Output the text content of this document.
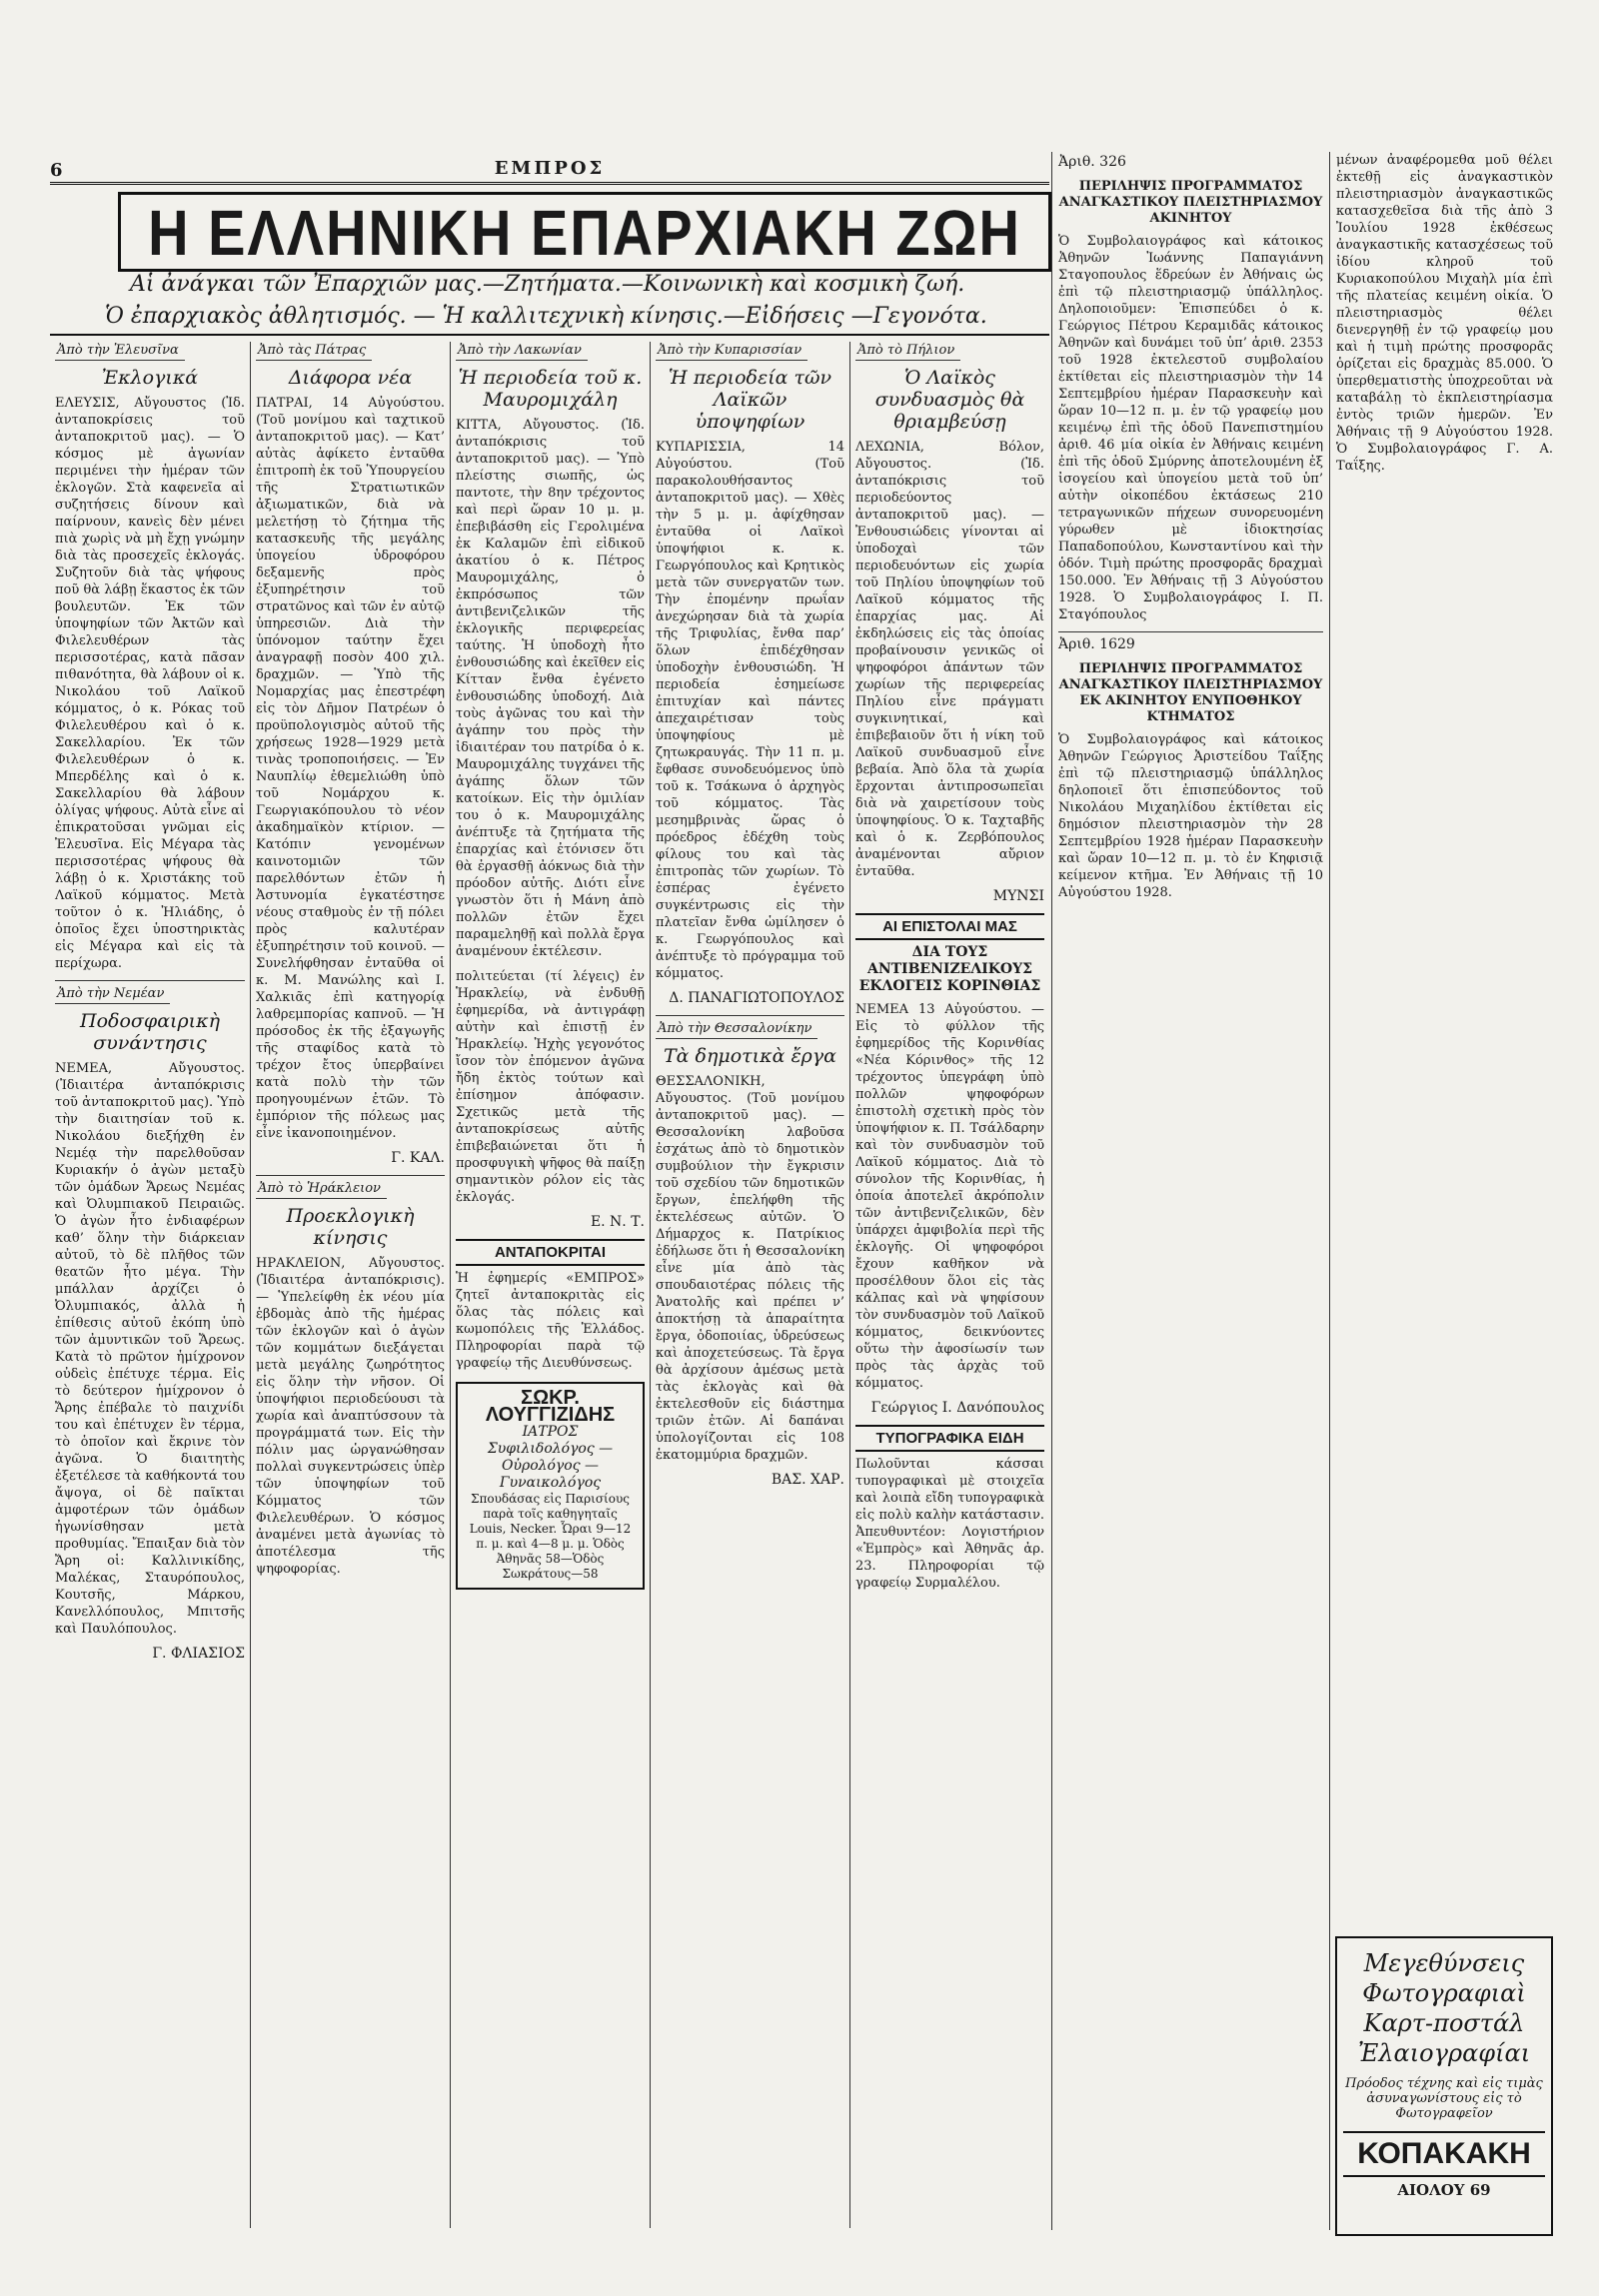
6	ΕΜΠΡΟΣ
Η ΕΛΛΗΝΙΚΗ ΕΠΑΡΧΙΑΚΗ ΖΩΗ
Αἱ ἀνάγκαι τῶν Ἐπαρχιῶν μας.—Ζητήματα.—Κοινωνικὴ καὶ κοσμικὴ ζωή.
Ὁ ἐπαρχιακὸς ἀθλητισμός. — Ἡ καλλιτεχνικὴ κίνησις.—Εἰδήσεις —Γεγονότα.
Ἀπὸ τὴν Ἐλευσῖνα
Ἐκλογικά

ΕΛΕΥΣΙΣ, Αὔγουστος (Ἰδ. ἀνταποκρίσεις τοῦ ἀνταποκριτοῦ μας). — Ὁ κόσμος μὲ ἀγωνίαν περιμένει τὴν ἡμέραν τῶν ἐκλογῶν. Στὰ καφενεῖα αἱ συζητήσεις δίνουν καὶ παίρνουν, κανεὶς δὲν μένει πιὰ χωρὶς νὰ μὴ ἔχῃ γνώμην διὰ τὰς προσεχεῖς ἐκλογάς. Συζητοῦν διὰ τὰς ψήφους ποῦ θὰ λάβῃ ἕκαστος ἐκ τῶν βουλευτῶν. Ἐκ τῶν ὑποψηφίων τῶν Ἀκτῶν καὶ Φιλελευθέρων τὰς περισσοτέρας, κατὰ πᾶσαν πιθανότητα, θὰ λάβουν οἱ κ. Νικολάου τοῦ Λαϊκοῦ κόμματος, ὁ κ. Ρόκας τοῦ Φιλελευθέρου καὶ ὁ κ. Σακελλαρίου. Ἐκ τῶν Φιλελευθέρων ὁ κ. Μπερδέλης καὶ ὁ κ. Σακελλαρίου θὰ λάβουν ὀλίγας ψήφους. Αὐτὰ εἶνε αἱ ἐπικρατοῦσαι γνῶμαι εἰς Ἐλευσῖνα. Εἰς Μέγαρα τὰς περισσοτέρας ψήφους θὰ λάβῃ ὁ κ. Χριστάκης τοῦ Λαϊκοῦ κόμματος. Μετὰ τοῦτον ὁ κ. Ἠλιάδης, ὁ ὁποῖος ἔχει ὑποστηρικτὰς εἰς Μέγαρα καὶ εἰς τὰ περίχωρα.

Ἀπὸ τὴν Νεμέαν
Ποδοσφαιρικὴ συνάντησις

ΝΕΜΕΑ, Αὔγουστος. (Ἰδιαιτέρα ἀνταπόκρισις τοῦ ἀνταποκριτοῦ μας). Ὑπὸ τὴν διαιτησίαν τοῦ κ. Νικολάου διεξήχθη ἐν Νεμέᾳ τὴν παρελθοῦσαν Κυριακήν ὁ ἀγὼν μεταξὺ τῶν ὁμάδων Ἄρεως Νεμέας καὶ Ὀλυμπιακοῦ Πειραιῶς. Ὁ ἀγὼν ἦτο ἐνδιαφέρων καθ’ ὅλην τὴν διάρκειαν αὐτοῦ, τὸ δὲ πλῆθος τῶν θεατῶν ἦτο μέγα. Τὴν μπάλλαν ἀρχίζει ὁ Ὀλυμπιακός, ἀλλὰ ἡ ἐπίθεσις αὐτοῦ ἐκόπη ὑπὸ τῶν ἀμυντικῶν τοῦ Ἄρεως. Κατὰ τὸ πρῶτον ἡμίχρονον οὐδεὶς ἐπέτυχε τέρμα. Εἰς τὸ δεύτερον ἡμίχρονον ὁ Ἄρης ἐπέβαλε τὸ παιχνίδι του καὶ ἐπέτυχεν ἓν τέρμα, τὸ ὁποῖον καὶ ἔκρινε τὸν ἀγῶνα. Ὁ διαιτητὴς ἐξετέλεσε τὰ καθήκοντά του ἄψογα, οἱ δὲ παῖκται ἀμφοτέρων τῶν ὁμάδων ἠγωνίσθησαν μετὰ προθυμίας. Ἔπαιξαν διὰ τὸν Ἄρη οἱ: Καλλινικίδης, Μαλέκας, Σταυρόπουλος, Κουτσῆς, Μάρκου, Κανελλόπουλος, Μπιτσῆς καὶ Παυλόπουλος.

Γ. ΦΛΙΑΣΙΟΣ
Ἀπὸ τὰς Πάτρας
Διάφορα νέα

ΠΑΤΡΑΙ, 14 Αὐγούστου. (Τοῦ μονίμου καὶ ταχτικοῦ ἀνταποκριτοῦ μας). — Κατ’ αὐτὰς ἀφίκετο ἐνταῦθα ἐπιτροπὴ ἐκ τοῦ Ὑπουργείου τῆς Στρατιωτικῶν ἀξιωματικῶν, διὰ νὰ μελετήσῃ τὸ ζήτημα τῆς κατασκευῆς τῆς μεγάλης ὑπογείου ὑδροφόρου δεξαμενῆς πρὸς ἐξυπηρέτησιν τοῦ στρατῶνος καὶ τῶν ἐν αὐτῷ ὑπηρεσιῶν. Διὰ τὴν ὑπόνομον ταύτην ἔχει ἀναγραφῇ ποσὸν 400 χιλ. δραχμῶν. — Ὑπὸ τῆς Νομαρχίας μας ἐπεστρέφη εἰς τὸν Δῆμον Πατρέων ὁ προϋπολογισμὸς αὐτοῦ τῆς χρήσεως 1928—1929 μετὰ τινὰς τροποποιήσεις. — Ἐν Ναυπλίῳ ἐθεμελιώθη ὑπὸ τοῦ Νομάρχου κ. Γεωργιακόπουλου τὸ νέον ἀκαδημαϊκὸν κτίριον. — Κατόπιν γενομένων καινοτομιῶν τῶν παρελθόντων ἐτῶν ἡ Ἀστυνομία ἐγκατέστησε νέους σταθμοὺς ἐν τῇ πόλει πρὸς καλυτέραν ἐξυπηρέτησιν τοῦ κοινοῦ. — Συνελήφθησαν ἐνταῦθα οἱ κ. Μ. Μανώλης καὶ Ι. Χαλκιᾶς ἐπὶ κατηγορίᾳ λαθρεμπορίας καπνοῦ. — Ἡ πρόσοδος ἐκ τῆς ἐξαγωγῆς τῆς σταφίδος κατὰ τὸ τρέχον ἔτος ὑπερβαίνει κατὰ πολὺ τὴν τῶν προηγουμένων ἐτῶν. Τὸ ἐμπόριον τῆς πόλεως μας εἶνε ἰκανοποιημένον.

Γ. ΚΑΛ.
Ἀπὸ τὸ Ἡράκλειον
Προεκλογικὴ κίνησις

ΗΡΑΚΛΕΙΟΝ, Αὔγουστος. (Ἰδιαιτέρα ἀνταπόκρισις). — Ὑπελείφθη ἐκ νέου μία ἑβδομὰς ἀπὸ τῆς ἡμέρας τῶν ἐκλογῶν καὶ ὁ ἀγὼν τῶν κομμάτων διεξάγεται μετὰ μεγάλης ζωηρότητος εἰς ὅλην τὴν νῆσον. Οἱ ὑποψήφιοι περιοδεύουσι τὰ χωρία καὶ ἀναπτύσσουν τὰ προγράμματά των. Εἰς τὴν πόλιν μας ὡργανώθησαν πολλαὶ συγκεντρώσεις ὑπὲρ τῶν ὑποψηφίων τοῦ Κόμματος τῶν Φιλελευθέρων. Ὁ κόσμος ἀναμένει μετὰ ἀγωνίας τὸ ἀποτέλεσμα τῆς ψηφοφορίας.

Ἀπὸ τὴν Λακωνίαν
Ἡ περιοδεία τοῦ κ. Μαυρομιχάλη

ΚΙΤΤΑ, Αὔγουστος. (Ἰδ. ἀνταπόκρισις τοῦ ἀνταποκριτοῦ μας). — Ὑπὸ πλείστης σιωπῆς, ὡς παντοτε, τὴν 8ην τρέχοντος καὶ περὶ ὥραν 10 μ. μ. ἐπεβιβάσθη εἰς Γερολιμένα ἐκ Καλαμῶν ἐπὶ εἰδικοῦ ἀκατίου ὁ κ. Πέτρος Μαυρομιχάλης, ὁ ἐκπρόσωπος τῶν ἀντιβενιζελικῶν τῆς ἐκλογικῆς περιφερείας ταύτης. Ἡ ὑποδοχὴ ἦτο ἐνθουσιώδης καὶ ἐκεῖθεν εἰς Κίτταν ἔνθα ἐγένετο ἐνθουσιώδης ὑποδοχή. Διὰ τοὺς ἀγῶνας του καὶ τὴν ἀγάπην του πρὸς τὴν ἰδιαιτέραν του πατρίδα ὁ κ. Μαυρομιχάλης τυγχάνει τῆς ἀγάπης ὅλων τῶν κατοίκων. Εἰς τὴν ὁμιλίαν του ὁ κ. Μαυρομιχάλης ἀνέπτυξε τὰ ζητήματα τῆς ἐπαρχίας καὶ ἐτόνισεν ὅτι θὰ ἐργασθῇ ἀόκνως διὰ τὴν πρόοδον αὐτῆς. Διότι εἶνε γνωστὸν ὅτι ἡ Μάνη ἀπὸ πολλῶν ἐτῶν ἔχει παραμεληθῇ καὶ πολλὰ ἔργα ἀναμένουν ἐκτέλεσιν.

πολιτεύεται (τί λέγεις) ἐν Ἡρακλείῳ, νὰ ἐνδυθῇ ἐφημερίδα, νὰ ἀντιγράφῃ αὐτὴν καὶ ἐπιστῇ ἐν Ἡρακλείῳ. Ἠχὴς γεγονότος ἴσον τὸν ἐπόμενον ἀγῶνα ἤδη ἐκτὸς τούτων καὶ ἐπίσημον ἀπόφασιν. Σχετικῶς μετὰ τῆς ἀνταποκρίσεως αὐτῆς ἐπιβεβαιώνεται ὅτι ἡ προσφυγικὴ ψῆφος θὰ παίξῃ σημαντικὸν ρόλον εἰς τὰς ἐκλογάς.

Ε. Ν. Τ.
ΑΝΤΑΠΟΚΡΙΤΑΙ

Ἡ ἐφημερίς «ΕΜΠΡΟΣ» ζητεῖ ἀνταποκριτὰς εἰς ὅλας τὰς πόλεις καὶ κωμοπόλεις τῆς Ἑλλάδος. Πληροφορίαι παρὰ τῷ γραφείῳ τῆς Διευθύνσεως.

ΣΩΚΡ. ΛΟΥΓΓΙΖΙΔΗΣ
ΙΑΤΡΟΣ
Συφιλιδολόγος — Οὐρολόγος — Γυναικολόγος
Σπουδάσας εἰς Παρισίους παρὰ τοῖς καθηγηταῖς Louis, Necker. Ὧραι 9—12 π. μ. καὶ 4—8 μ. μ. Ὁδὸς Ἀθηνᾶς 58—Ὁδὸς Σωκράτους—58
Ἀπὸ τὴν Κυπαρισσίαν
Ἡ περιοδεία τῶν Λαϊκῶν ὑποψηφίων

ΚΥΠΑΡΙΣΣΙΑ, 14 Αὐγούστου. (Τοῦ παρακολουθήσαντος ἀνταποκριτοῦ μας). — Χθὲς τὴν 5 μ. μ. ἀφίχθησαν ἐνταῦθα οἱ Λαϊκοὶ ὑποψήφιοι κ. κ. Γεωργόπουλος καὶ Κρητικὸς μετὰ τῶν συνεργατῶν των. Τὴν ἐπομένην πρωΐαν ἀνεχώρησαν διὰ τὰ χωρία τῆς Τριφυλίας, ἔνθα παρ’ ὅλων ἐπιδέχθησαν ὑποδοχὴν ἐνθουσιώδη. Ἡ περιοδεία ἐσημείωσε ἐπιτυχίαν καὶ πάντες ἀπεχαιρέτισαν τοὺς ὑποψηφίους μὲ ζητωκραυγάς. Τὴν 11 π. μ. ἔφθασε συνοδευόμενος ὑπὸ τοῦ κ. Τσάκωνα ὁ ἀρχηγὸς τοῦ κόμματος. Τὰς μεσημβρινὰς ὥρας ὁ πρόεδρος ἐδέχθη τοὺς φίλους του καὶ τὰς ἐπιτροπὰς τῶν χωρίων. Τὸ ἑσπέρας ἐγένετο συγκέντρωσις εἰς τὴν πλατεῖαν ἔνθα ὡμίλησεν ὁ κ. Γεωργόπουλος καὶ ἀνέπτυξε τὸ πρόγραμμα τοῦ κόμματος.

Δ. ΠΑΝΑΓΙΩΤΟΠΟΥΛΟΣ
Ἀπὸ τὴν Θεσσαλονίκην
Τὰ δημοτικὰ ἔργα

ΘΕΣΣΑΛΟΝΙΚΗ, Αὔγουστος. (Τοῦ μονίμου ἀνταποκριτοῦ μας). — Θεσσαλονίκη λαβοῦσα ἐσχάτως ἀπὸ τὸ δημοτικὸν συμβούλιον τὴν ἔγκρισιν τοῦ σχεδίου τῶν δημοτικῶν ἔργων, ἐπελήφθη τῆς ἐκτελέσεως αὐτῶν. Ὁ Δήμαρχος κ. Πατρίκιος ἐδήλωσε ὅτι ἡ Θεσσαλονίκη εἶνε μία ἀπὸ τὰς σπουδαιοτέρας πόλεις τῆς Ἀνατολῆς καὶ πρέπει ν’ ἀποκτήσῃ τὰ ἀπαραίτητα ἔργα, ὁδοποιίας, ὑδρεύσεως καὶ ἀποχετεύσεως. Τὰ ἔργα θὰ ἀρχίσουν ἀμέσως μετὰ τὰς ἐκλογὰς καὶ θὰ ἐκτελεσθοῦν εἰς διάστημα τριῶν ἐτῶν. Αἱ δαπάναι ὑπολογίζονται εἰς 108 ἑκατομμύρια δραχμῶν.

ΒΑΣ. ΧΑΡ.
Ἀπὸ τὸ Πήλιον
Ὁ Λαϊκὸς συνδυασμὸς θὰ θριαμβεύσῃ

ΛΕΧΩΝΙΑ, Βόλον, Αὔγουστος. (Ἰδ. ἀνταπόκρισις τοῦ περιοδεύοντος ἀνταποκριτοῦ μας). — Ἐνθουσιώδεις γίνονται αἱ ὑποδοχαὶ τῶν περιοδευόντων εἰς χωρία τοῦ Πηλίου ὑποψηφίων τοῦ Λαϊκοῦ κόμματος τῆς ἐπαρχίας μας. Αἱ ἐκδηλώσεις εἰς τὰς ὁποίας προβαίνουσιν γενικῶς οἱ ψηφοφόροι ἁπάντων τῶν χωρίων τῆς περιφερείας Πηλίου εἶνε πράγματι συγκινητικαί, καὶ ἐπιβεβαιοῦν ὅτι ἡ νίκη τοῦ Λαϊκοῦ συνδυασμοῦ εἶνε βεβαία. Ἀπὸ ὅλα τὰ χωρία ἔρχονται ἀντιπροσωπεῖαι διὰ νὰ χαιρετίσουν τοὺς ὑποψηφίους. Ὁ κ. Ταχταβῆς καὶ ὁ κ. Ζερβόπουλος ἀναμένονται αὔριον ἐνταῦθα.

ΜΥΝΣΙ
ΑΙ ΕΠΙΣΤΟΛΑΙ ΜΑΣ
ΔΙΑ ΤΟΥΣ ΑΝΤΙΒΕΝΙΖΕΛΙΚΟΥΣ ΕΚΛΟΓΕΙΣ ΚΟΡΙΝΘΙΑΣ

ΝΕΜΕΑ 13 Αὐγούστου. — Εἰς τὸ φύλλον τῆς ἐφημερίδος τῆς Κορινθίας «Νέα Κόρινθος» τῆς 12 τρέχοντος ὑπεγράφη ὑπὸ πολλῶν ψηφοφόρων ἐπιστολὴ σχετικὴ πρὸς τὸν ὑποψήφιον κ. Π. Τσάλδαρην καὶ τὸν συνδυασμὸν τοῦ Λαϊκοῦ κόμματος. Διὰ τὸ σύνολον τῆς Κορινθίας, ἡ ὁποία ἀποτελεῖ ἀκρόπολιν τῶν ἀντιβενιζελικῶν, δὲν ὑπάρχει ἀμφιβολία περὶ τῆς ἐκλογῆς. Οἱ ψηφοφόροι ἔχουν καθῆκον νὰ προσέλθουν ὅλοι εἰς τὰς κάλπας καὶ νὰ ψηφίσουν τὸν συνδυασμὸν τοῦ Λαϊκοῦ κόμματος, δεικνύοντες οὕτω τὴν ἀφοσίωσίν των πρὸς τὰς ἀρχὰς τοῦ κόμματος.

Γεώργιος Ι. Δανόπουλος
ΤΥΠΟΓΡΑΦΙΚΑ ΕΙΔΗ

Πωλοῦνται κάσσαι τυπογραφικαὶ μὲ στοιχεῖα καὶ λοιπὰ εἴδη τυπογραφικὰ εἰς πολὺ καλὴν κατάστασιν. Ἀπευθυντέον: Λογιστήριον «Ἐμπρὸς» καὶ Ἀθηνᾶς ἀρ. 23. Πληροφορίαι τῷ γραφείῳ Συρμαλέλου.

Ἀριθ. 326
ΠΕΡΙΛΗΨΙΣ ΠΡΟΓΡΑΜΜΑΤΟΣ ΑΝΑΓΚΑΣΤΙΚΟΥ ΠΛΕΙΣΤΗΡΙΑΣΜΟΥ ΑΚΙΝΗΤΟΥ

Ὁ Συμβολαιογράφος καὶ κάτοικος Ἀθηνῶν Ἰωάννης Παπαγιάννη Σταγοπουλος ἕδρεύων ἐν Ἀθήναις ὡς ἐπὶ τῷ πλειστηριασμῷ ὑπάλληλος. Δηλοποιοῦμεν: Ἐπισπεύδει ὁ κ. Γεώργιος Πέτρου Κεραμιδᾶς κάτοικος Ἀθηνῶν καὶ δυνάμει τοῦ ὑπ’ ἀριθ. 2353 τοῦ 1928 ἐκτελεστοῦ συμβολαίου ἐκτίθεται εἰς πλειστηριασμὸν τὴν 14 Σεπτεμβρίου ἡμέραν Παρασκευὴν καὶ ὥραν 10—12 π. μ. ἐν τῷ γραφείῳ μου κειμένῳ ἐπὶ τῆς ὁδοῦ Πανεπιστημίου ἀριθ. 46 μία οἰκία ἐν Ἀθήναις κειμένη ἐπὶ τῆς ὁδοῦ Σμύρνης ἀποτελουμένη ἐξ ἰσογείου καὶ ὑπογείου μετὰ τοῦ ὑπ’ αὐτὴν οἰκοπέδου ἐκτάσεως 210 τετραγωνικῶν πήχεων συνορευομένη γύρωθεν μὲ ἰδιοκτησίας Παπαδοπούλου, Κωνσταντίνου καὶ τὴν ὁδόν. Τιμὴ πρώτης προσφορᾶς δραχμαὶ 150.000. Ἐν Ἀθήναις τῇ 3 Αὐγούστου 1928. Ὁ Συμβολαιογράφος Ι. Π. Σταγόπουλος

Ἀριθ. 1629
ΠΕΡΙΛΗΨΙΣ ΠΡΟΓΡΑΜΜΑΤΟΣ ΑΝΑΓΚΑΣΤΙΚΟΥ ΠΛΕΙΣΤΗΡΙΑΣΜΟΥ ΕΚ ΑΚΙΝΗΤΟΥ ΕΝΥΠΟΘΗΚΟΥ ΚΤΗΜΑΤΟΣ

Ὁ Συμβολαιογράφος καὶ κάτοικος Ἀθηνῶν Γεώργιος Ἀριστείδου Ταΐξης ἐπὶ τῷ πλειστηριασμῷ ὑπάλληλος δηλοποιεῖ ὅτι ἐπισπεύδοντος τοῦ Νικολάου Μιχαηλίδου ἐκτίθεται εἰς δημόσιον πλειστηριασμὸν τὴν 28 Σεπτεμβρίου 1928 ἡμέραν Παρασκευὴν καὶ ὥραν 10—12 π. μ. τὸ ἐν Κηφισιᾷ κείμενον κτῆμα. Ἐν Ἀθήναις τῇ 10 Αὐγούστου 1928.

μένων ἀναφέρομεθα μοῦ θέλει ἐκτεθῇ εἰς ἀναγκαστικὸν πλειστηριασμὸν ἀναγκαστικῶς κατασχεθεῖσα διὰ τῆς ἀπὸ 3 Ἰουλίου 1928 ἐκθέσεως ἀναγκαστικῆς κατασχέσεως τοῦ ἰδίου κληροῦ τοῦ Κυριακοπούλου Μιχαὴλ μία ἐπὶ τῆς πλατείας κειμένη οἰκία. Ὁ πλειστηριασμὸς θέλει διενεργηθῇ ἐν τῷ γραφείῳ μου καὶ ἡ τιμὴ πρώτης προσφορᾶς ὁρίζεται εἰς δραχμὰς 85.000. Ὁ ὑπερθεματιστὴς ὑποχρεοῦται νὰ καταβάλῃ τὸ ἐκπλειστηρίασμα ἐντὸς τριῶν ἡμερῶν. Ἐν Ἀθήναις τῇ 9 Αὐγούστου 1928. Ὁ Συμβολαιογράφος Γ. Α. Ταΐξης.

Μεγεθύνσεις Φωτογραφιαὶ Καρτ-ποστάλ Ἐλαιογραφίαι
Πρόοδος τέχνης καὶ εἰς τιμὰς ἀσυναγωνίστους εἰς τὸ Φωτογραφεῖον
ΚΟΠΑΚΑΚΗ
ΑΙΟΛΟΥ 69
